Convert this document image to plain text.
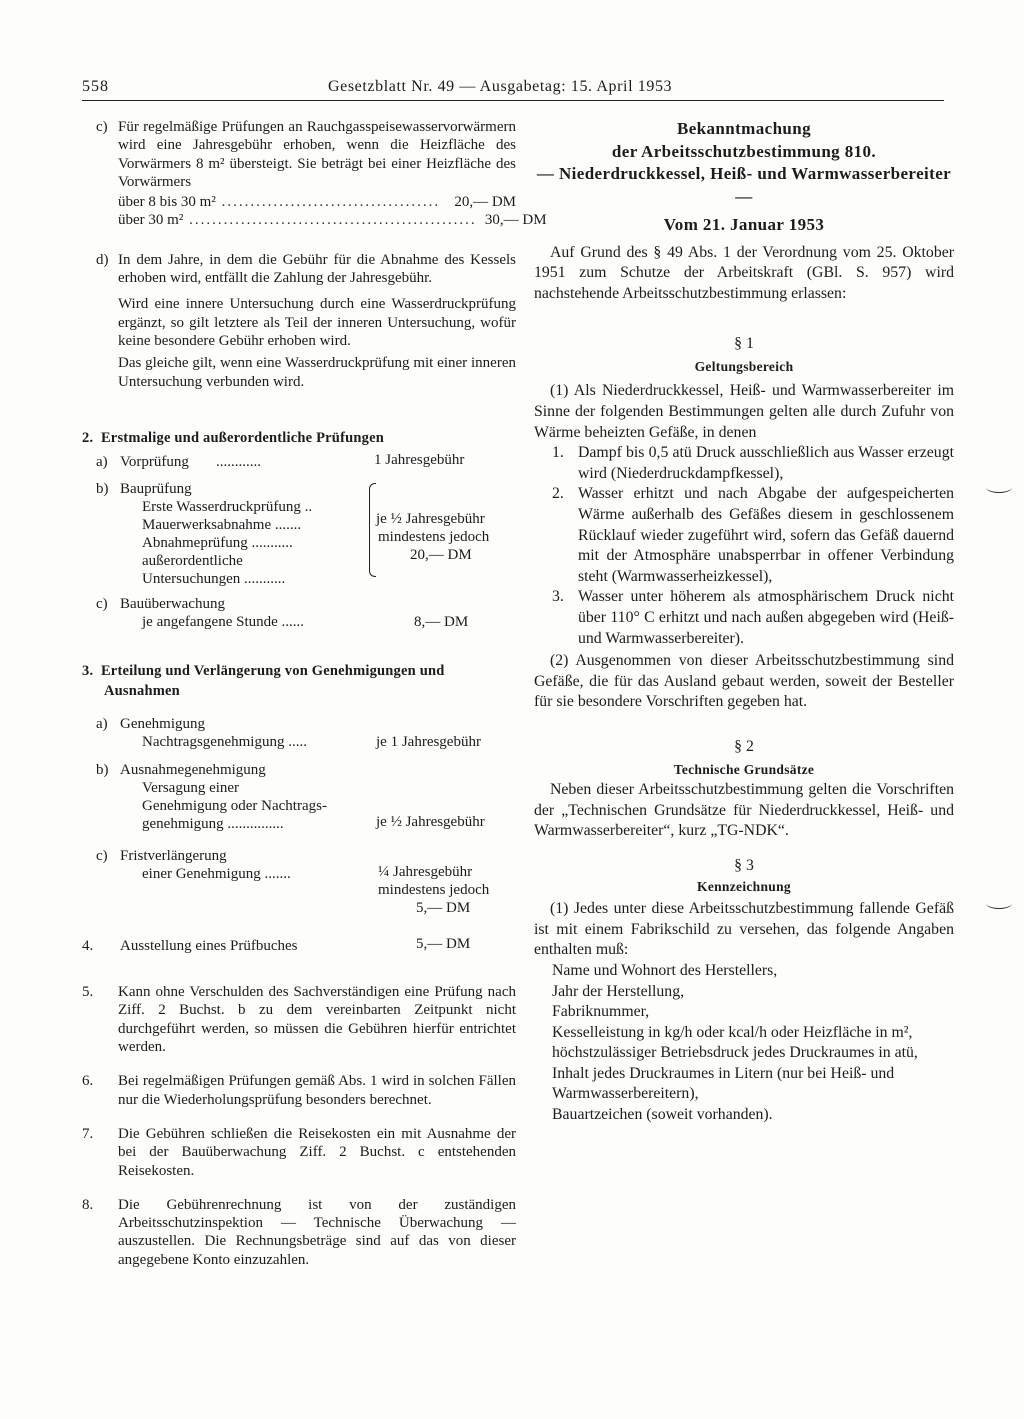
558	Gesetzblatt Nr. 49 — Ausgabetag: 15. April 1953
c) Für regelmäßige Prüfungen an Rauchgasspeisewasservorwärmern wird eine Jahresgebühr erhoben, wenn die Heizfläche des Vorwärmers 8 m² übersteigt. Sie beträgt bei einer Heizfläche des Vorwärmers
über 8 bis 30 m² ...................................... 20,— DM
über 30 m² .................................................. 30,— DM
d) In dem Jahre, in dem die Gebühr für die Abnahme des Kessels erhoben wird, entfällt die Zahlung der Jahresgebühr.
Wird eine innere Untersuchung durch eine Wasserdruckprüfung ergänzt, so gilt letztere als Teil der inneren Untersuchung, wofür keine besondere Gebühr erhoben wird.
Das gleiche gilt, wenn eine Wasserdruckprüfung mit einer inneren Untersuchung verbunden wird.
2. Erstmalige und außerordentliche Prüfungen
a) Vorprüfung ............	1 Jahresgebühr
b) Bauprüfung
Erste Wasserdruckprüfung ..
Mauerwerksabnahme .......
Abnahmeprüfung ...........
außerordentliche
Untersuchungen ...........
je ½ Jahresgebühr
mindestens jedoch
20,— DM
c) Bauüberwachung
je angefangene Stunde ......	8,— DM
3. Erteilung und Verlängerung von Genehmigungen und Ausnahmen
a) Genehmigung
Nachtragsgenehmigung .....	je 1 Jahresgebühr
b) Ausnahmegenehmigung
Versagung einer
Genehmigung oder Nachtrags-
genehmigung ...............	je ½ Jahresgebühr
c) Fristverlängerung
einer Genehmigung .......	¼ Jahresgebühr
mindestens jedoch
5,— DM
4. Ausstellung eines Prüfbuches	5,— DM
5. Kann ohne Verschulden des Sachverständigen eine Prüfung nach Ziff. 2 Buchst. b zu dem vereinbarten Zeitpunkt nicht durchgeführt werden, so müssen die Gebühren hierfür entrichtet werden.
6. Bei regelmäßigen Prüfungen gemäß Abs. 1 wird in solchen Fällen nur die Wiederholungsprüfung besonders berechnet.
7. Die Gebühren schließen die Reisekosten ein mit Ausnahme der bei der Bauüberwachung Ziff. 2 Buchst. c entstehenden Reisekosten.
8. Die Gebührenrechnung ist von der zuständigen Arbeitsschutzinspektion — Technische Überwachung — auszustellen. Die Rechnungsbeträge sind auf das von dieser angegebene Konto einzuzahlen.
Bekanntmachung
der Arbeitsschutzbestimmung 810.
— Niederdruckkessel, Heiß- und Warmwasserbereiter —
Vom 21. Januar 1953
Auf Grund des § 49 Abs. 1 der Verordnung vom 25. Oktober 1951 zum Schutze der Arbeitskraft (GBl. S. 957) wird nachstehende Arbeitsschutzbestimmung erlassen:
§ 1
Geltungsbereich
(1) Als Niederdruckkessel, Heiß- und Warmwasserbereiter im Sinne der folgenden Bestimmungen gelten alle durch Zufuhr von Wärme beheizten Gefäße, in denen
1. Dampf bis 0,5 atü Druck ausschließlich aus Wasser erzeugt wird (Niederdruckdampfkessel),
2. Wasser erhitzt und nach Abgabe der aufgespeicherten Wärme außerhalb des Gefäßes diesem in geschlossenem Rücklauf wieder zugeführt wird, sofern das Gefäß dauernd mit der Atmosphäre unabsperrbar in offener Verbindung steht (Warmwasserheizkessel),
3. Wasser unter höherem als atmosphärischem Druck nicht über 110° C erhitzt und nach außen abgegeben wird (Heiß- und Warmwasserbereiter).
(2) Ausgenommen von dieser Arbeitsschutzbestimmung sind Gefäße, die für das Ausland gebaut werden, soweit der Besteller für sie besondere Vorschriften gegeben hat.
§ 2
Technische Grundsätze
Neben dieser Arbeitsschutzbestimmung gelten die Vorschriften der „Technischen Grundsätze für Niederdruckkessel, Heiß- und Warmwasserbereiter“, kurz „TG-NDK“.
§ 3
Kennzeichnung
(1) Jedes unter diese Arbeitsschutzbestimmung fallende Gefäß ist mit einem Fabrikschild zu versehen, das folgende Angaben enthalten muß:
Name und Wohnort des Herstellers,
Jahr der Herstellung,
Fabriknummer,
Kesselleistung in kg/h oder kcal/h oder Heizfläche in m²,
höchstzulässiger Betriebsdruck jedes Druckraumes in atü,
Inhalt jedes Druckraumes in Litern (nur bei Heiß- und Warmwasserbereitern),
Bauartzeichen (soweit vorhanden).
